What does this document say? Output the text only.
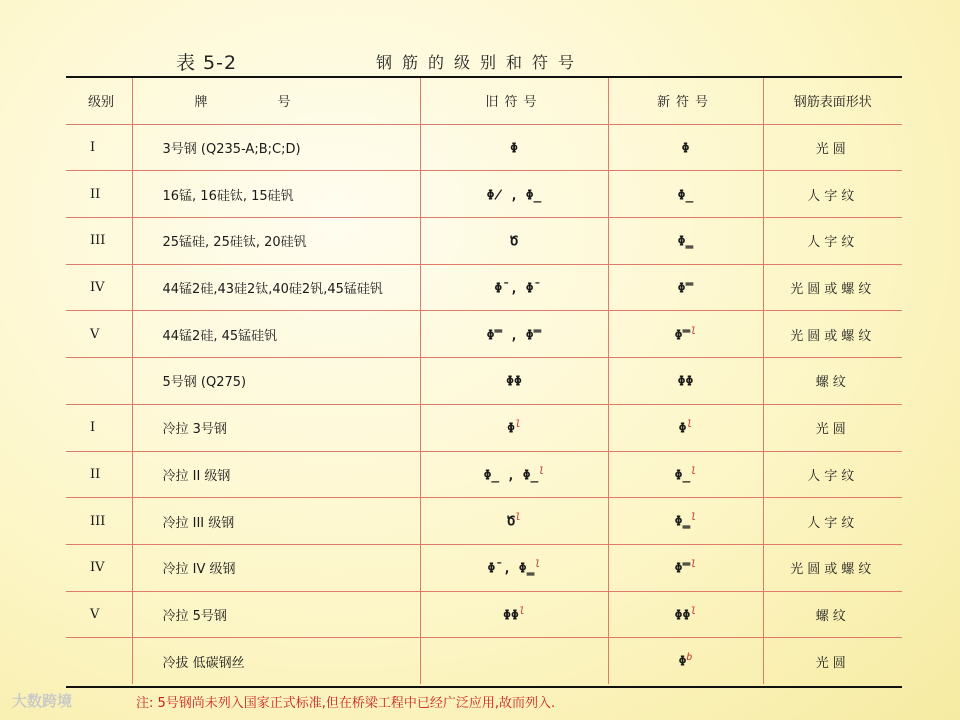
表 5-2	钢筋的级别和符号
级别	牌 号	旧符号	新符号	钢筋表面形状
I	3号钢 (Q235-A;B;C;D)	Φ	Φ	光圆
II	16锰, 16硅钛, 15硅钒	Φ̸ , Φ̲	Φ̲	人字纹
III	25锰硅, 25硅钛, 20硅钒	Ծ	Φ̳	人字纹
IV	44锰2硅,43硅2钛,40硅2钒,45锰硅钒	Φ̄ , Φ̄	Φ̿	光圆或螺纹
V	44锰2硅, 45锰硅钒	Φ̿ , Φ̿	Φ̿$^l$	光圆或螺纹
	5号钢 (Q275)	ΦΦ	ΦΦ	螺纹
I	冷拉 3号钢	$\Phi^l$	$\Phi^l$	光圆
II	冷拉 II 级钢	Φ̲ , Φ̲$^l$	Φ̲$^l$	人字纹
III	冷拉 III 级钢	Ծ$^l$	Φ̳$^l$	人字纹
IV	冷拉 IV 级钢	Φ̄ , Φ̳$^l$	Φ̿$^l$	光圆或螺纹
V	冷拉 5号钢	$\Phi\Phi^l$	$\Phi\Phi^l$	螺纹
	冷拔 低碳钢丝		$\Phi^b$	光圆
大数跨境	注: 5号钢尚未列入国家正式标准,但在桥梁工程中已经广泛应用,故而列入.
